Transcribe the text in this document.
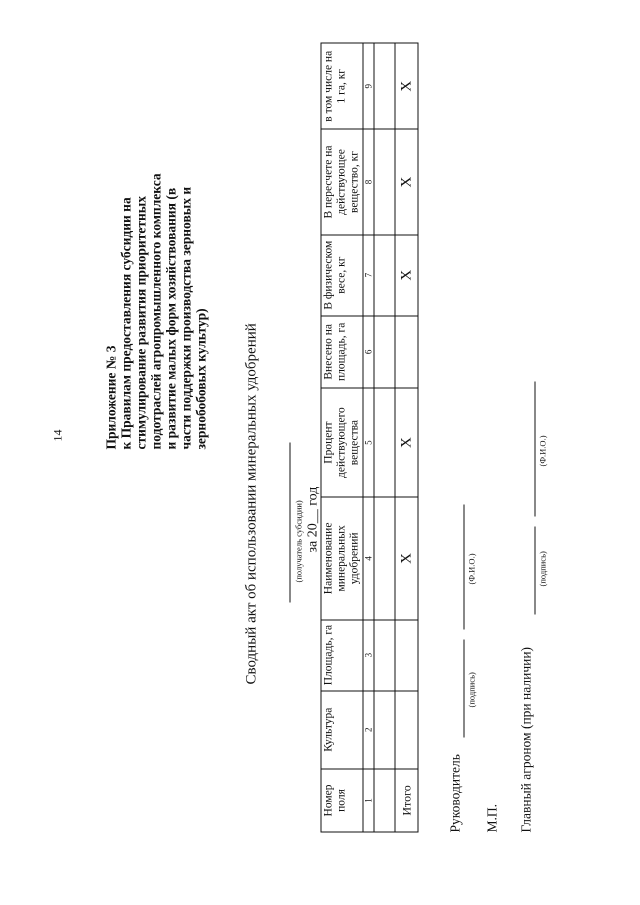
14	Приложение № 3 к Правилам предоставления субсидии на стимулирование развития приоритетных подотраслей агропромышленного комплекса и развитие малых форм хозяйствования (в части поддержки производства зерновых и зернобобовых культур) Сводный акт об использовании минеральных удобрений	(получатель субсидии) за 20__ год
Номер поля	Культура	Площадь, га	Наименование минеральных удобрений	Процент действующего вещества	Внесено на площадь, га	В физическом весе, кг	В пересчете на действующее вещество, кг	в том числе на 1 га, кг
1	2	3	4	5	6	7	8	9

Итого			X	X		X	X	X
Руководитель
(подпись)
(Ф.И.О.)
М.П. Главный агроном (при наличии)
(подпись)
(Ф.И.О.)
